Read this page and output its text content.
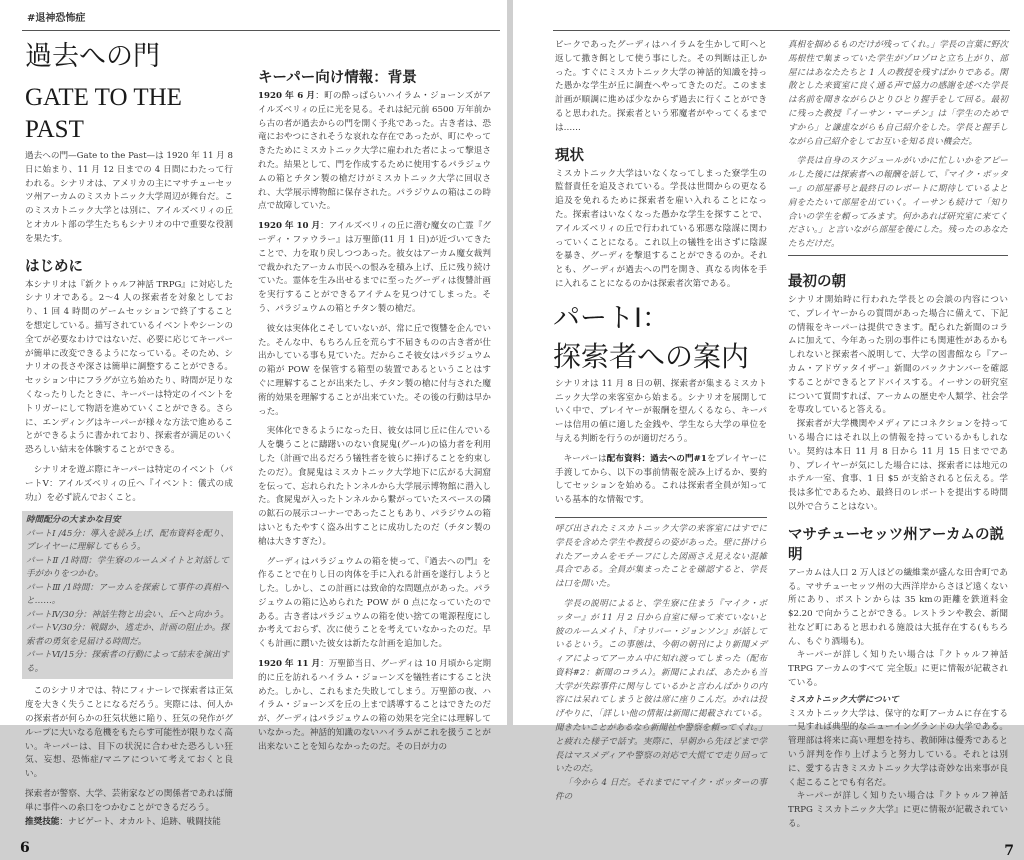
#退神恐怖症
過去への門
GATE TO THE PAST

過去への門—Gate to the Past—は 1920 年 11 月 8 日に始まり、11 月 12 日までの 4 日間にわたって行われる。シナリオは、アメリカの主にマサチューセッツ州アーカムのミスカトニック大学周辺が舞台だ。このミスカトニック大学とは別に、アイルズベリィの丘とオカルト部の学生たちもシナリオの中で重要な役割を果たす。

はじめに

本シナリオは『新クトゥルフ神話 TRPG』に対応したシナリオである。2〜4 人の探索者を対象としており、1 回 4 時間のゲームセッションで終了することを想定している。描写されているイベントやシーンの全てが必要なわけではないだ、必要に応じてキーパーが簡単に改変できるようになっている。そのため、シナリオの長さや深さは簡単に調整することができる。セッション中にフラグが立ち始めたり、時間が足りなくなったりしたときに、キーパーは特定のイベントをトリガーにして物語を進めていくことができる。さらに、エンディングはキーパーが様々な方法で進めることができるように書かれており、探索者が満足のいく恐ろしい結末を体験することができる。

シナリオを遊ぶ際にキーパーは特定のイベント（パートⅤ：アイルズベリィの丘へ『イベント：儀式の成功』）を必ず読んでおくこと。

時間配分の大まかな目安
パートⅠ /45分：導入を読み上げ、配布資料を配り、プレイヤーに理解してもらう。
パートⅡ /1時間：学生寮のルームメイトと対話して手がかりをつかむ。
パートⅢ /1時間：アーカムを探索して事件の真相へと……。
パートⅣ/30分：神話生物と出会い、丘へと向かう。
パートⅤ/30分：戦闘か、逃走か、計画の阻止か。探索者の勇気を見届ける時間だ。
パートⅥ/15分：探索者の行動によって結末を演出する。

このシナリオでは、特にフィナーレで探索者は正気度を大きく失うことになるだろう。実際には、何人かの探索者が何らかの狂気状態に陥り、狂気の発作がグループに大いなる危機をもたらす可能性が限りなく高い。キーパーは、目下の状況に合わせた恐ろしい狂気、妄想、恐怖症/マニアについて考えておくと良い。

探索者が警察、大学、芸術家などの関係者であれば簡単に事件への糸口をつかむことができるだろう。

推奨技能：ナビゲート、オカルト、追跡、戦闘技能

6
キーパー向け情報：背景

1920 年 6 月：町の酔っぱらいハイラム・ジョーンズがアイルズベリィの丘に光を見る。それは紀元前 6500 万年前から古の者が過去からの門を開く予兆であった。古き者は、恐竜におやつにされそうな哀れな存在であったが、町にやってきたためにミスカトニック大学に雇われた者によって撃退された。結果として、門を作成するために使用するパラジュウムの箱とチタン製の槍だけがミスカトニック大学に回収され、大学展示博物館に保存された。パラジウムの箱はこの時点で故障していた。

1920 年 10 月：アイルズベリィの丘に潜む魔女の亡霊『グーディ・ファウラー』は万聖節(11 月 1 日)が近づいてきたことで、力を取り戻しつつあった。彼女はアーカム魔女裁判で裁かれたアーカム市民への恨みを積み上げ、丘に残り続けていた。霊体を生み出せるまでに至ったグーディは復讐計画を実行することができるアイテムを見つけてしまった。そう、パラジュウムの箱とチタン製の槍だ。

彼女は実体化こそしていないが、常に丘で復讐を企んでいた。そんな中、もちろん丘を荒らす不届きものの古き者が仕出かしている事も見ていた。だからこそ彼女はパラジュウムの箱が POW を保管する箱型の装置であるということはすぐに理解することが出来たし、チタン製の槍に付与された魔術的効果を理解することが出来ていた。その後の行動は早かった。

実体化できるようになった日、彼女は同じ丘に住んでいる人を襲うことに躊躇いのない食屍鬼(グール)の協力者を利用した（計画で出るだろう犠牲者を彼らに捧げることを約束したのだ）。食屍鬼はミスカトニック大学地下に広がる大洞窟を伝って、忘れられたトンネルから大学展示博物館に潜入した。食屍鬼が入ったトンネルから繋がっていたスペースの隣の鉱石の展示コーナーであったこともあり、パラジウムの箱はいともたやすく盗み出すことに成功したのだ（チタン製の槍は大きすぎた）。

グーディはパラジュウムの箱を使って、『過去への門』を作ることで在りし日の肉体を手に入れる計画を遂行しようとした。しかし、この計画には致命的な問題点があった。パラジュウムの箱に込められた POW が 0 点になっていたのである。古き者はパラジュウムの箱を使い捨ての電源程度にしか考えておらず、次に使うことを考えていなかったのだ。早くも計画に躓いた彼女は新たな計画を追加した。

1920 年 11 月：万聖節当日、グーディは 10 月頃から定期的に丘を訪れるハイラム・ジョーンズを犠牲者にすること決めた。しかし、これもまた失敗してしまう。万聖節の夜、ハイラム・ジョーンズを丘の上まで誘導することはできたのだが、グーディはパラジュウムの箱の効果を完全には理解していなかった。神話的知識のないハイラムがこれを扱うことが出来ないことを知らなかったのだ。その日が力の

ピークであったグーディはハイラムを生かして町へと返して撒き餌として使う事にした。その判断は正しかった。すぐにミスカトニック大学の神話的知識を持った愚かな学生が丘に調査へやってきたのだ。このまま計画が順調に進めば少なからず過去に行くことができると思われた。探索者という邪魔者がやってくるまでは……

現状

ミスカトニック大学はいなくなってしまった寮学生の監督責任を追及されている。学長は世間からの更なる追及を免れるために探索者を雇い入れることになった。探索者はいなくなった愚かな学生を探すことで、アイルズベリィの丘で行われている邪悪な陰謀に関わっていくことになる。これ以上の犠牲を出さずに陰謀を暴き、グーディを撃退することができるのか。それとも、グーディが過去への門を開き、真なる肉体を手に入れることになるのかは探索者次第である。

パートⅠ：
探索者への案内

シナリオは 11 月 8 日の朝、探索者が集まるミスカトニック大学の来客室から始まる。シナリオを展開していく中で、プレイヤーが報酬を望んくるなら、キーパーは信用の値に適した金銭や、学生なら大学の単位を与える判断を行うのが適切だろう。

キーパーは配布資料：過去への門#1をプレイヤーに手渡してから、以下の事前情報を読み上げるか、要約してセッションを始める。これは探索者全員が知っている基本的な情報です。

呼び出されたミスカトニック大学の来客室にはすでに学長を含めた学生や教授らの姿があった。壁に掛けられたアーカムをモチーフにした図画さえ見えない混雑具合である。全員が集まったことを確認すると、学長は口を開いた。

学長の説明によると、学生寮に住まう『マイク・ポッター』が 11 月 2 日から自室に帰って来ていないと彼のルームメイト、『オリバー・ジョンソン』が話しているという。この事態は、今朝の朝刊により新聞メディアによってアーカム中に知れ渡ってしまった（配布資料#2：新聞のコラム）。新聞によれば、あたかも当大学が失踪事件に関与しているかと言わんばかりの内容には呆れてしまうと彼は席に座りこんだ。かれは投げやりに、「詳しい他の情報は新聞に掲載されている。聞きたいことがあるなら新聞社や警察を頼ってくれ。」と疲れた様子で話す。実際に、早朝から先ほどまで学長はマスメディアや警察の対応で大慌てで走り回っていたのだ。

「今から 4 日だ。それまでにマイク・ポッターの事件の

真相を掴めるものだけが残ってくれ。」学長の言葉に野次馬根性で集まっていた学生がゾロゾロと立ち上がり、部屋にはあなたたちと 1 人の教授を残すばかりである。閑散とした来賓室に良く通る声で協力の感謝を述べた学長は名前を聞きながらひとりひとり握手をして回る。最初に残った教授『イーサン・マーチン』は「学生のためですから」と謙虚ながらも自己紹介をした。学長と握手しながら自己紹介をしてお互いを知る良い機会だ。

学長は自身のスケジュールがいかに忙しいかをアピールした後には探索者への報酬を話して、『マイク・ポッター』の部屋番号と最終日のレポートに期待しているよと肩をたたいて部屋を出ていく。イーサンも続けて「知り合いの学生を頼ってみます。何かあれば研究室に来てください。」と言いながら部屋を後にした。残ったのあなたたちだけだ。

最初の朝

シナリオ開始時に行われた学長との会談の内容について、プレイヤーからの質問があった場合に備えて、下記の情報をキーパーは提供できます。配られた新聞のコラムに加えて、今年あった別の事件にも関連性があるかもしれないと探索者へ説明して、大学の図書館なら『アーカム・アドヴァタイザー』新聞のバックナンバーを確認することができるとアドバイスする。イーサンの研究室について質問すれば、アーカムの歴史や人類学、社会学を専攻していると答える。

探索者が大学機関やメディアにコネクションを持っている場合にはそれ以上の情報を持っているかもしれない。契約は本日 11 月 8 日から 11 月 15 日までであり、プレイヤーが気にした場合には、探索者には地元のホテル一室、食事、1 日 $5 が支給されると伝える。学長は多忙であるため、最終日のレポートを提出する時間以外で合うことはない。

マサチューセッツ州アーカムの説明

アーカムは人口 2 万人ほどの繊維業が盛んな田舎町である。マサチューセッツ州の大西洋岸からさほど遠くない所にあり、ボストンからは 35 kmの距離を鉄道料金$2.20 で向かうことができる。レストランや教会、新聞社など町にあると思われる施設は大抵存在する(もちろん、もぐり酒場も)。

キーパーが詳しく知りたい場合は『クトゥルフ神話 TRPG アーカムのすべて 完全版』に更に情報が記載されている。

ミスカトニック大学について

ミスカトニック大学は、保守的な町アーカムに存在する一見すれば典型的なニューイングランドの大学である。管理部は将来に高い理想を持ち、教師陣は優秀であるという評判を作り上げようと努力している。それとは別に、愛する古きミスカトニック大学は奇妙な出来事が良く起こることでも有名だ。

キーパーが詳しく知りたい場合は『クトゥルフ神話 TRPG ミスカトニック大学』に更に情報が記載されている。

7
